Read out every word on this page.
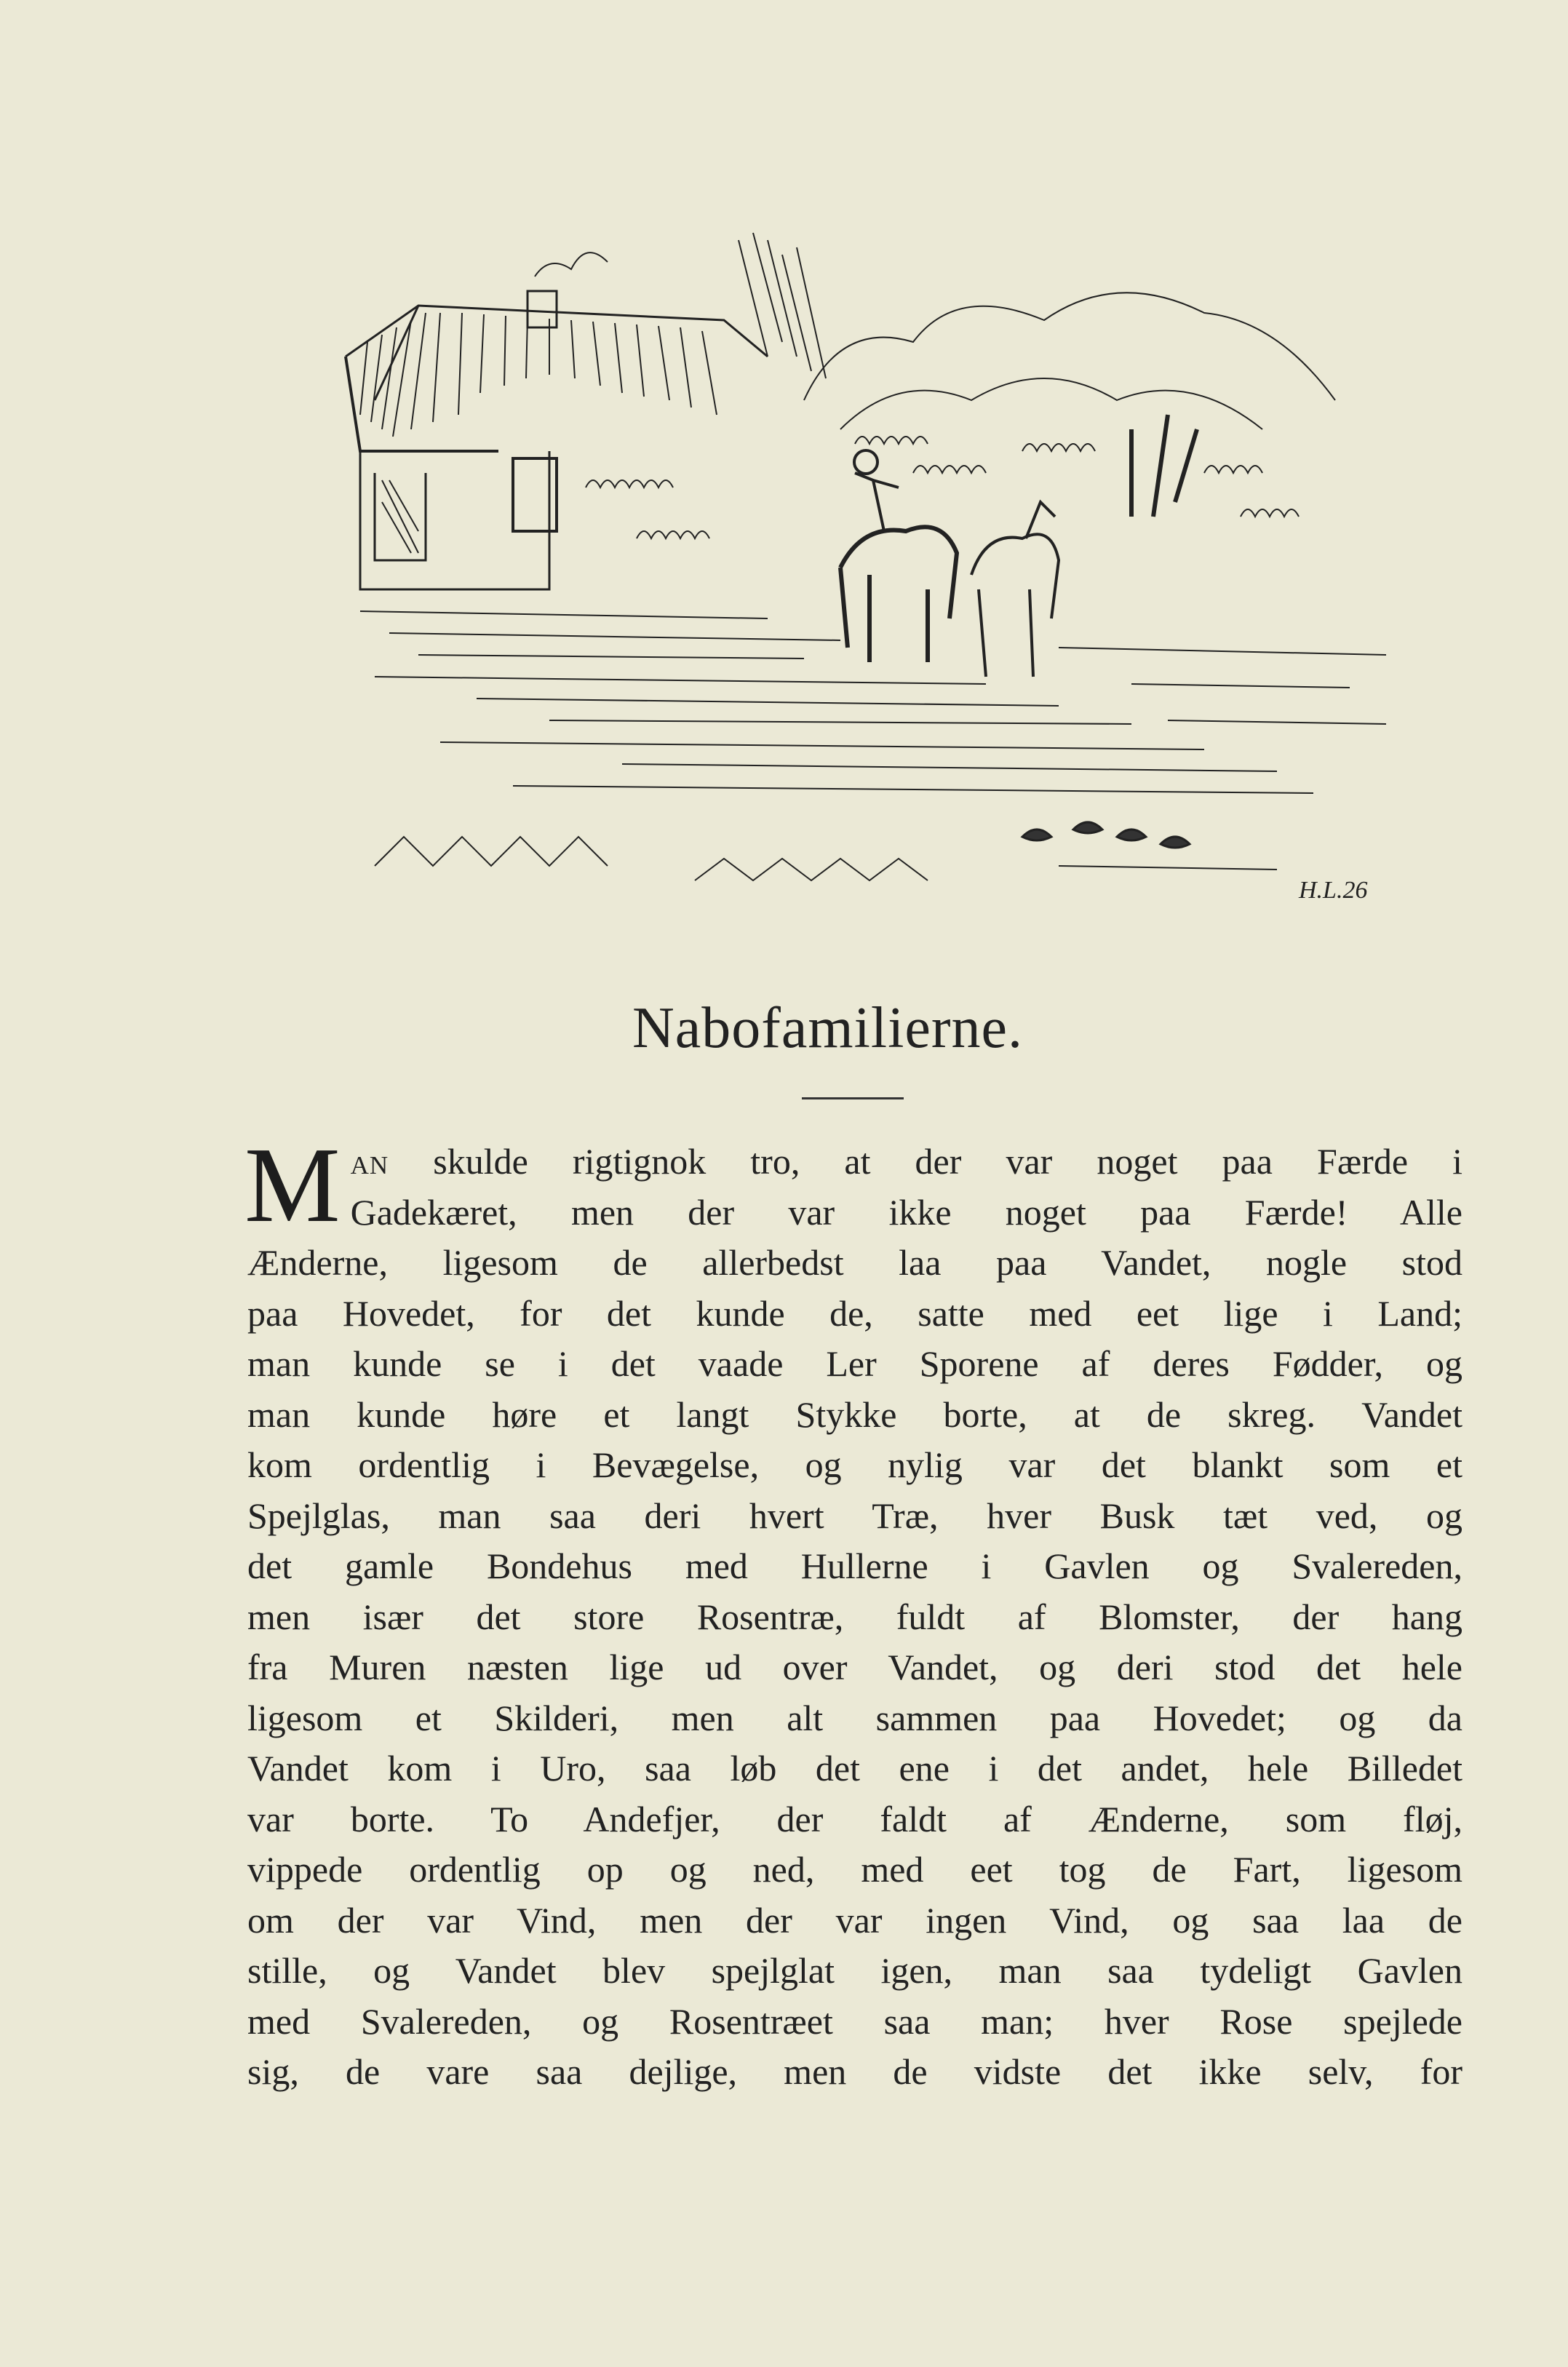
H.L.26
Nabofamilierne.
M an skulde rigtignok tro, at der var noget paa Færde i
Gadekæret, men der var ikke noget paa Færde! Alle
Ænderne, ligesom de allerbedst laa paa Vandet, nogle stod
paa Hovedet, for det kunde de, satte med eet lige i Land;
man kunde se i det vaade Ler Sporene af deres Fødder, og
man kunde høre et langt Stykke borte, at de skreg. Vandet
kom ordentlig i Bevægelse, og nylig var det blankt som et
Spejlglas, man saa deri hvert Træ, hver Busk tæt ved, og
det gamle Bondehus med Hullerne i Gavlen og Svalereden,
men især det store Rosentræ, fuldt af Blomster, der hang
fra Muren næsten lige ud over Vandet, og deri stod det hele
ligesom et Skilderi, men alt sammen paa Hovedet; og da
Vandet kom i Uro, saa løb det ene i det andet, hele Billedet
var borte. To Andefjer, der faldt af Ænderne, som fløj,
vippede ordentlig op og ned, med eet tog de Fart, ligesom
om der var Vind, men der var ingen Vind, og saa laa de
stille, og Vandet blev spejlglat igen, man saa tydeligt Gavlen
med Svalereden, og Rosentræet saa man; hver Rose spejlede
sig, de vare saa dejlige, men de vidste det ikke selv, for
